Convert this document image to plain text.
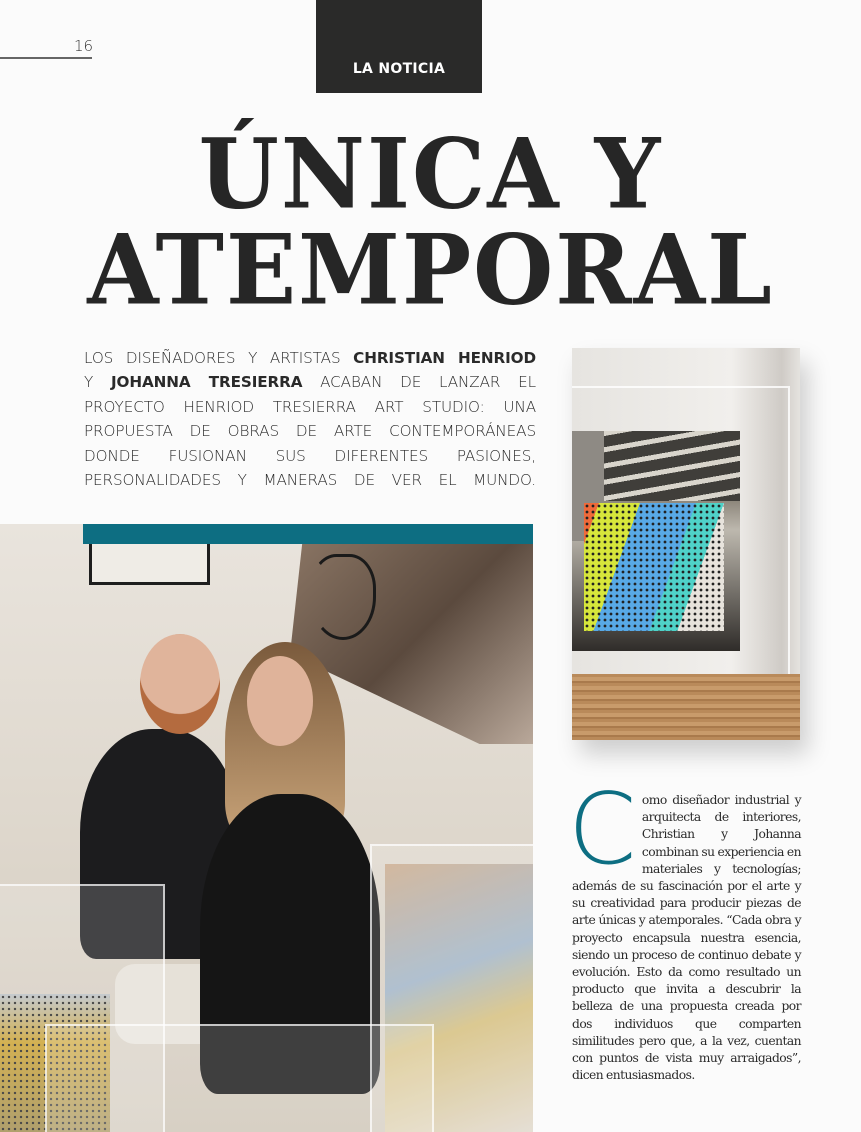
16
LA NOTICIA
ÚNICA Y
ATEMPORAL
LOS DISEÑADORES Y ARTISTAS CHRISTIAN HENRIOD
Y JOHANNA TRESIERRA ACABAN DE LANZAR EL
PROYECTO HENRIOD TRESIERRA ART STUDIO: UNA
PROPUESTA DE OBRAS DE ARTE CONTEMPORÁNEAS
DONDE FUSIONAN SUS DIFERENTES PASIONES,
PERSONALIDADES Y MANERAS DE VER EL MUNDO.
C omo diseñador industrial y arquitecta de interiores, Christian y Johanna combinan su experiencia en materiales y tecnologías; además de su fascinación por el arte y su creatividad para producir piezas de arte únicas y atemporales. “Cada obra y proyecto encapsula nuestra esencia, siendo un proceso de continuo debate y evolución. Esto da como resultado un producto que invita a descubrir la belleza de una propuesta creada por dos individuos que comparten similitudes pero que, a la vez, cuentan con puntos de vista muy arraigados”, dicen entusiasmados.
